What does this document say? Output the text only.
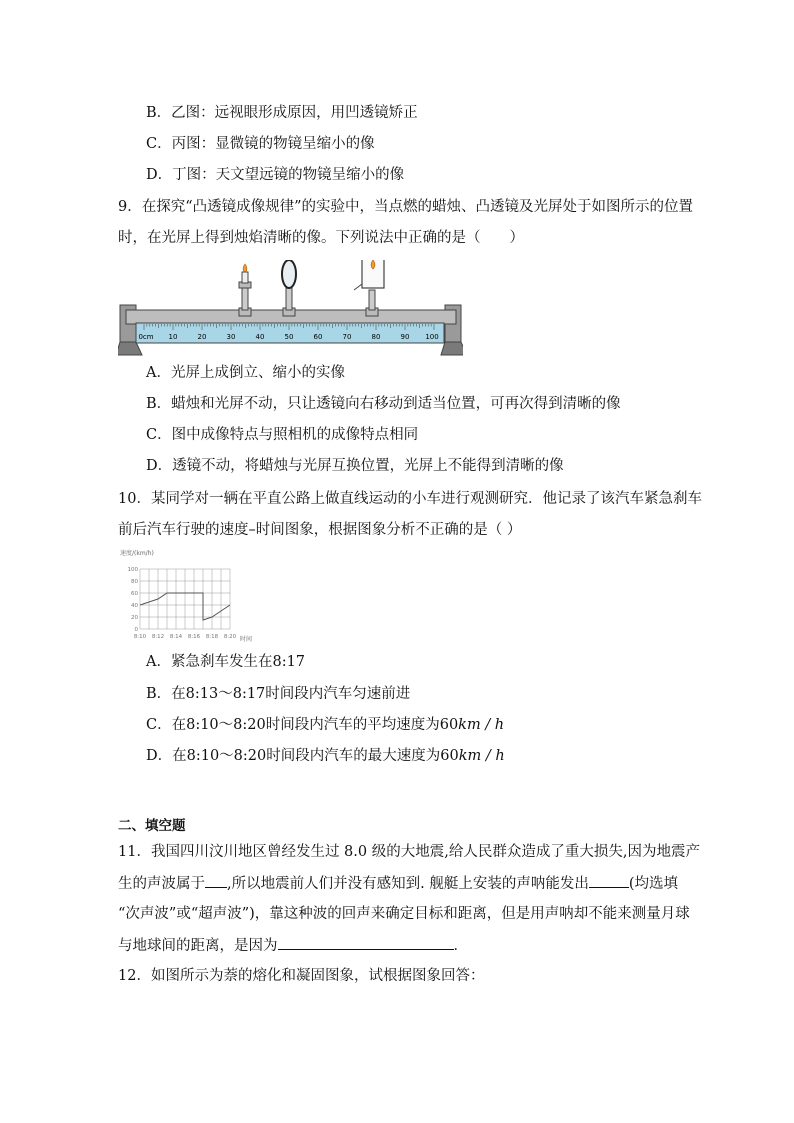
B．乙图：远视眼形成原因，用凹透镜矫正
C．丙图：显微镜的物镜呈缩小的像
D．丁图：天文望远镜的物镜呈缩小的像
9．在探究“凸透镜成像规律”的实验中，当点燃的蜡烛、凸透镜及光屏处于如图所示的位置
时，在光屏上得到烛焰清晰的像。下列说法中正确的是（　　）
0cm 10	20	30	40	50	60	70	80	90 100
A．光屏上成倒立、缩小的实像
B．蜡烛和光屏不动，只让透镜向右移动到适当位置，可再次得到清晰的像
C．图中成像特点与照相机的成像特点相同
D．透镜不动，将蜡烛与光屏互换位置，光屏上不能得到清晰的像
10．某同学对一辆在平直公路上做直线运动的小车进行观测研究．他记录了该汽车紧急刹车
前后汽车行驶的速度–时间图象，根据图象分析不正确的是（ ）
速度/(km/h)
时间
0
20
40
60
80
100
8:10 8:12 8:14 8:16 8:18 8:20
A．紧急刹车发生在8:17
B．在8:13～8:17时间段内汽车匀速前进
C．在8:10～8:20时间段内汽车的平均速度为60km / h
D．在8:10～8:20时间段内汽车的最大速度为60km / h
二、填空题
11．我国四川汶川地区曾经发生过 8.0 级的大地震,给人民群众造成了重大损失,因为地震产
生的声波属于 ,所以地震前人们并没有感知到. 舰艇上安装的声呐能发出	(均选填
“次声波”或“超声波”)，靠这种波的回声来确定目标和距离，但是用声呐却不能来测量月球
与地球间的距离，是因为	．
12．如图所示为萘的熔化和凝固图象，试根据图象回答：
